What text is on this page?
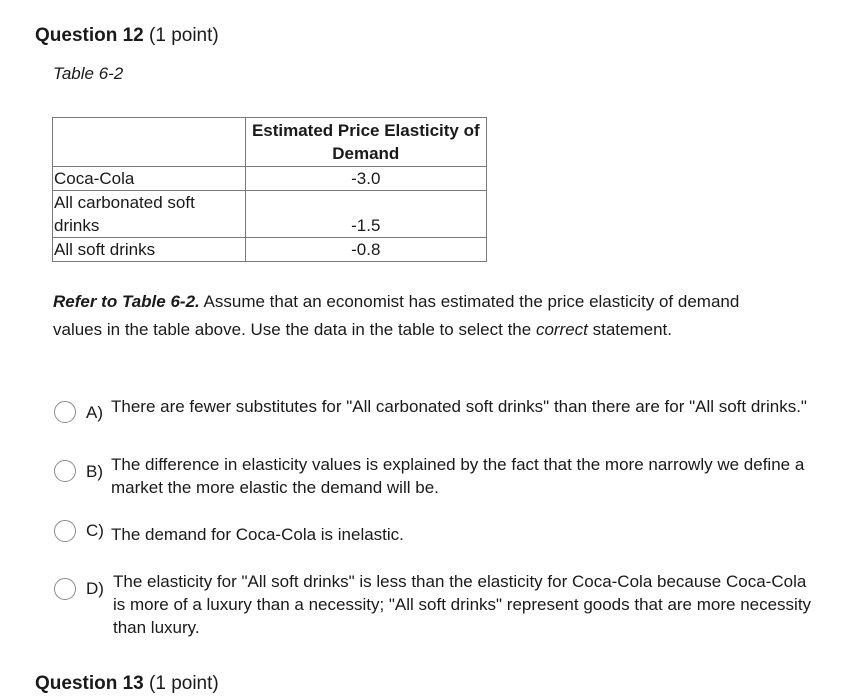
Question 12 (1 point)
Table 6-2
	Estimated Price Elasticity of Demand
Coca-Cola	-3.0
All carbonated soft drinks	-1.5
All soft drinks	-0.8
Refer to Table 6-2. Assume that an economist has estimated the price elasticity of demand values in the table above. Use the data in the table to select the correct statement.
A) There are fewer substitutes for "All carbonated soft drinks" than there are for "All soft drinks."
B) The difference in elasticity values is explained by the fact that the more narrowly we define a market the more elastic the demand will be.
C) The demand for Coca-Cola is inelastic.
D) The elasticity for "All soft drinks" is less than the elasticity for Coca-Cola because Coca-Cola is more of a luxury than a necessity; "All soft drinks" represent goods that are more necessity than luxury.
Question 13 (1 point)
